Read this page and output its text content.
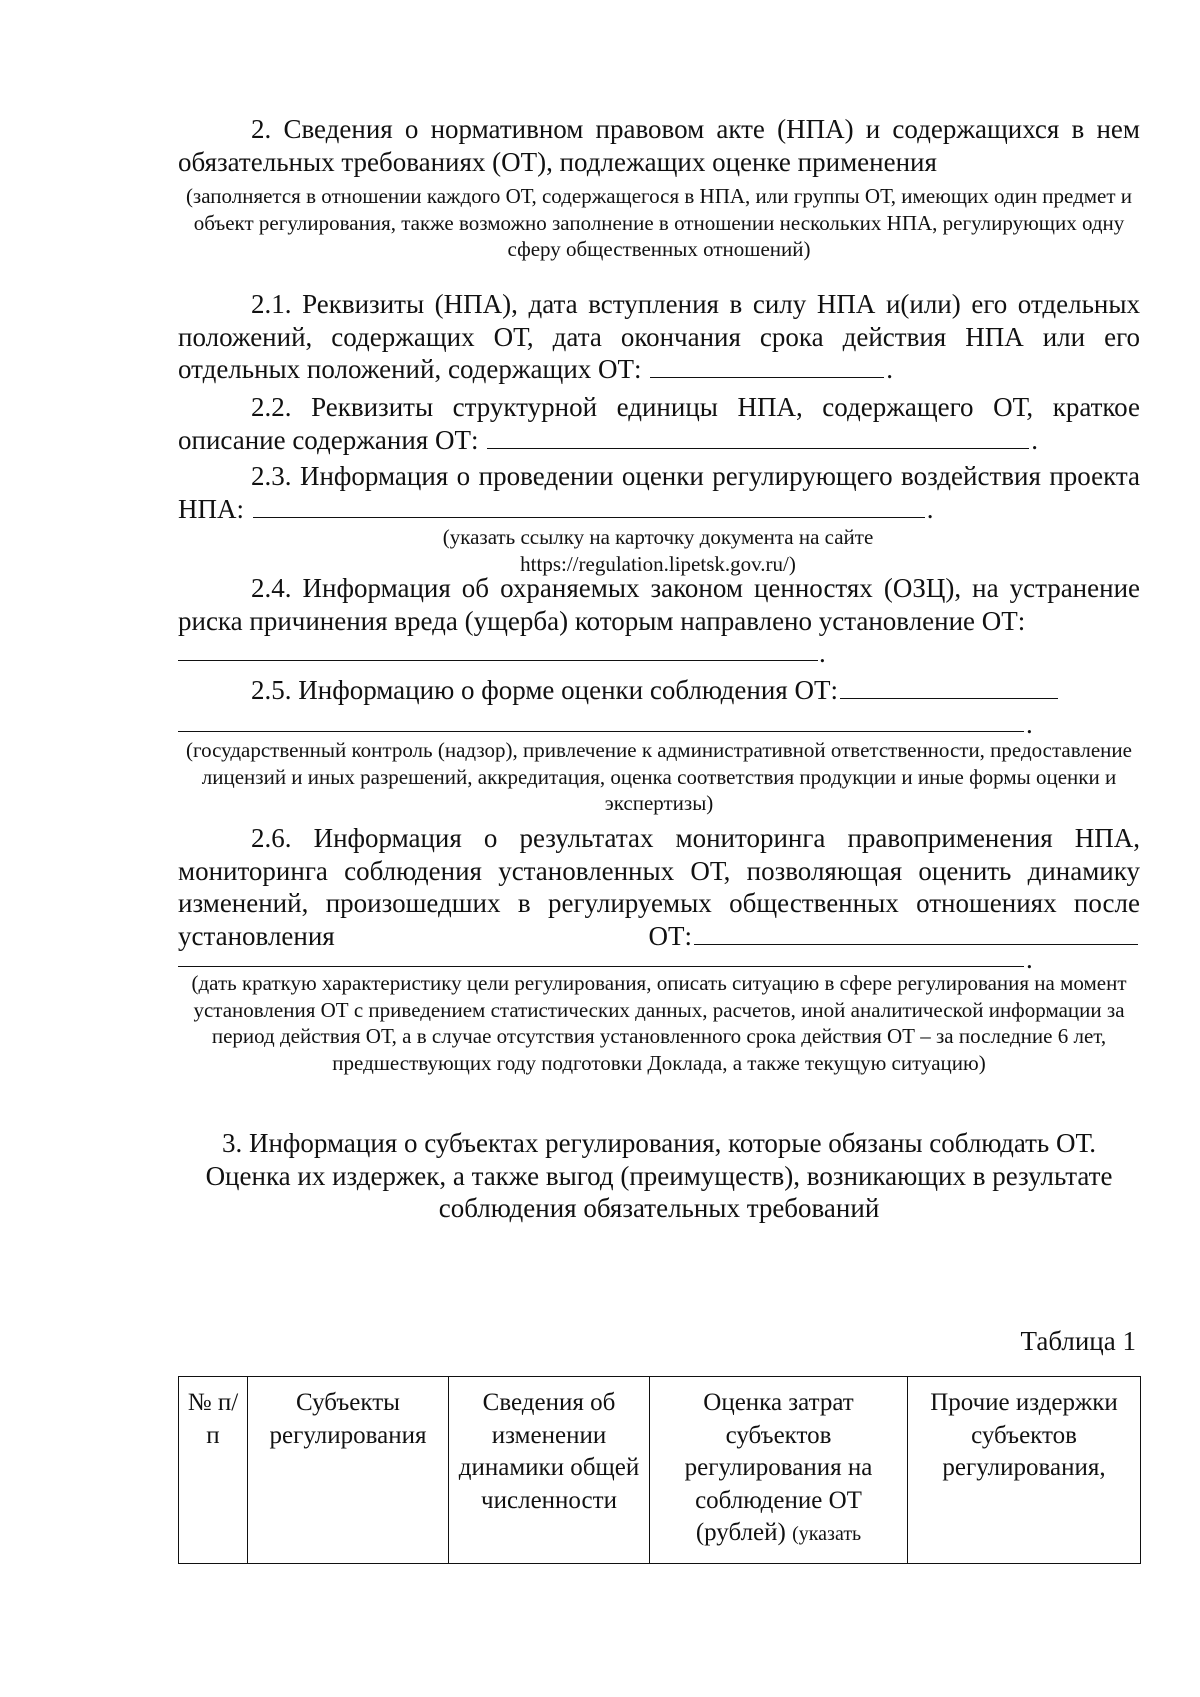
2. Сведения о нормативном правовом акте (НПА) и содержащихся в нем обязательных требованиях (ОТ), подлежащих оценке применения

(заполняется в отношении каждого ОТ, содержащегося в НПА, или группы ОТ, имеющих один предмет и объект регулирования, также возможно заполнение в отношении нескольких НПА, регулирующих одну сферу общественных отношений)

2.1. Реквизиты (НПА), дата вступления в силу НПА и(или) его отдельных положений, содержащих ОТ, дата окончания срока действия НПА или его отдельных положений, содержащих ОТ:	.

2.2. Реквизиты структурной единицы НПА, содержащего ОТ, краткое описание содержания ОТ:	.

2.3. Информация о проведении оценки регулирующего воздействия проекта НПА:	.

(указать ссылку на карточку документа на сайте https://regulation.lipetsk.gov.ru/)

2.4. Информация об охраняемых законом ценностях (ОЗЦ), на устранение риска причинения вреда (ущерба) которым направлено установление ОТ:

.

2.5. Информацию о форме оценки соблюдения ОТ:

.

(государственный контроль (надзор), привлечение к административной ответственности, предоставление лицензий и иных разрешений, аккредитация, оценка соответствия продукции и иные формы оценки и экспертизы)

2.6. Информация о результатах мониторинга правоприменения НПА, мониторинга соблюдения установленных ОТ, позволяющая оценить динамику изменений, произошедших в регулируемых общественных отношениях после установления ОТ:

.

(дать краткую характеристику цели регулирования, описать ситуацию в сфере регулирования на момент установления ОТ с приведением статистических данных, расчетов, иной аналитической информации за период действия ОТ, а в случае отсутствия установленного срока действия ОТ – за последние 6 лет, предшествующих году подготовки Доклада, а также текущую ситуацию)

3. Информация о субъектах регулирования, которые обязаны соблюдать ОТ. Оценка их издержек, а также выгод (преимуществ), возникающих в результате соблюдения обязательных требований

Таблица 1
№ п/п	Субъекты регулирования	Сведения об изменении динамики общей численности	Оценка затрат субъектов регулирования на соблюдение ОТ (рублей) (указать	Прочие издержки субъектов регулирования,
